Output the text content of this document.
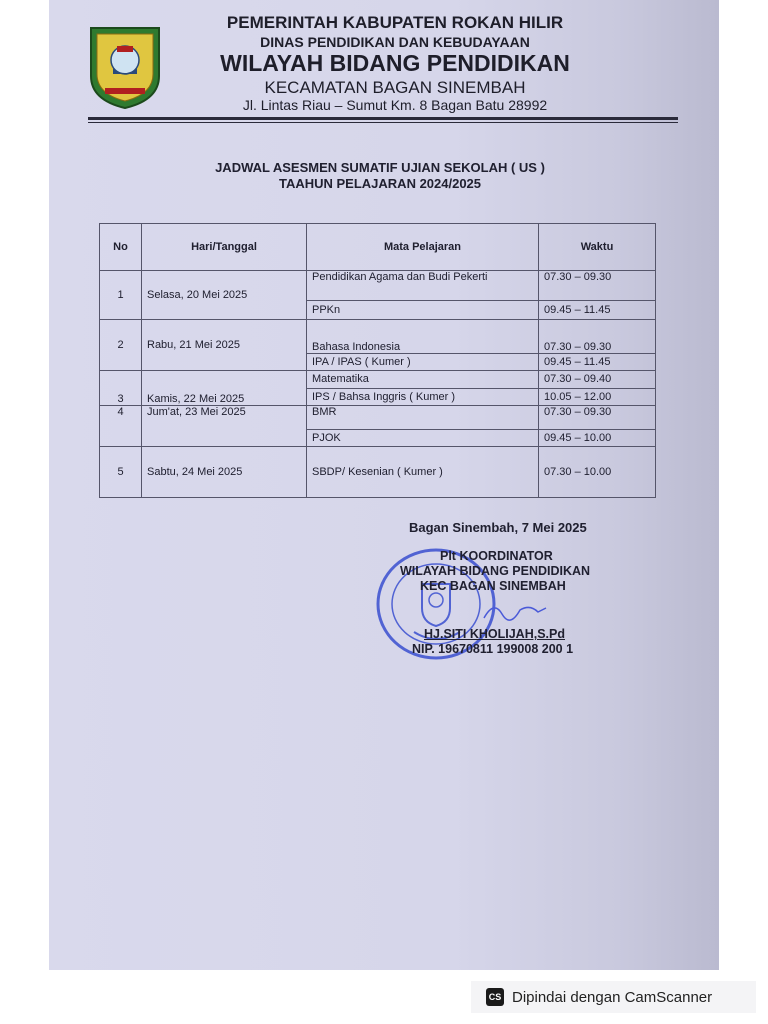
PEMERINTAH KABUPATEN ROKAN HILIR
DINAS PENDIDIKAN DAN KEBUDAYAAN
WILAYAH BIDANG PENDIDIKAN
KECAMATAN BAGAN SINEMBAH
Jl. Lintas Riau – Sumut Km. 8 Bagan Batu 28992
JADWAL ASESMEN SUMATIF UJIAN SEKOLAH ( US )
TAAHUN PELAJARAN 2024/2025
No	Hari/Tanggal	Mata Pelajaran	Waktu
1	Selasa, 20 Mei 2025	Pendidikan Agama dan Budi Pekerti	07.30 – 09.30
		PPKn	09.45 – 11.45
2	Rabu, 21 Mei 2025	Bahasa Indonesia	07.30 – 09.30
		IPA / IPAS ( Kumer )	09.45 – 11.45
3	Kamis, 22 Mei 2025	Matematika	07.30 – 09.40
		IPS / Bahsa Inggris ( Kumer )	10.05 – 12.00
4	Jum'at, 23 Mei 2025	BMR	07.30 – 09.30
		PJOK	09.45 – 10.00
5	Sabtu, 24 Mei 2025	SBDP/ Kesenian ( Kumer )	07.30 – 10.00
Bagan Sinembah, 7 Mei 2025
Plt KOORDINATOR
WILAYAH BIDANG PENDIDIKAN
KEC BAGAN SINEMBAH
HJ.SITI KHOLIJAH,S.Pd
NIP. 19670811 199008 200 1
CS Dipindai dengan CamScanner
